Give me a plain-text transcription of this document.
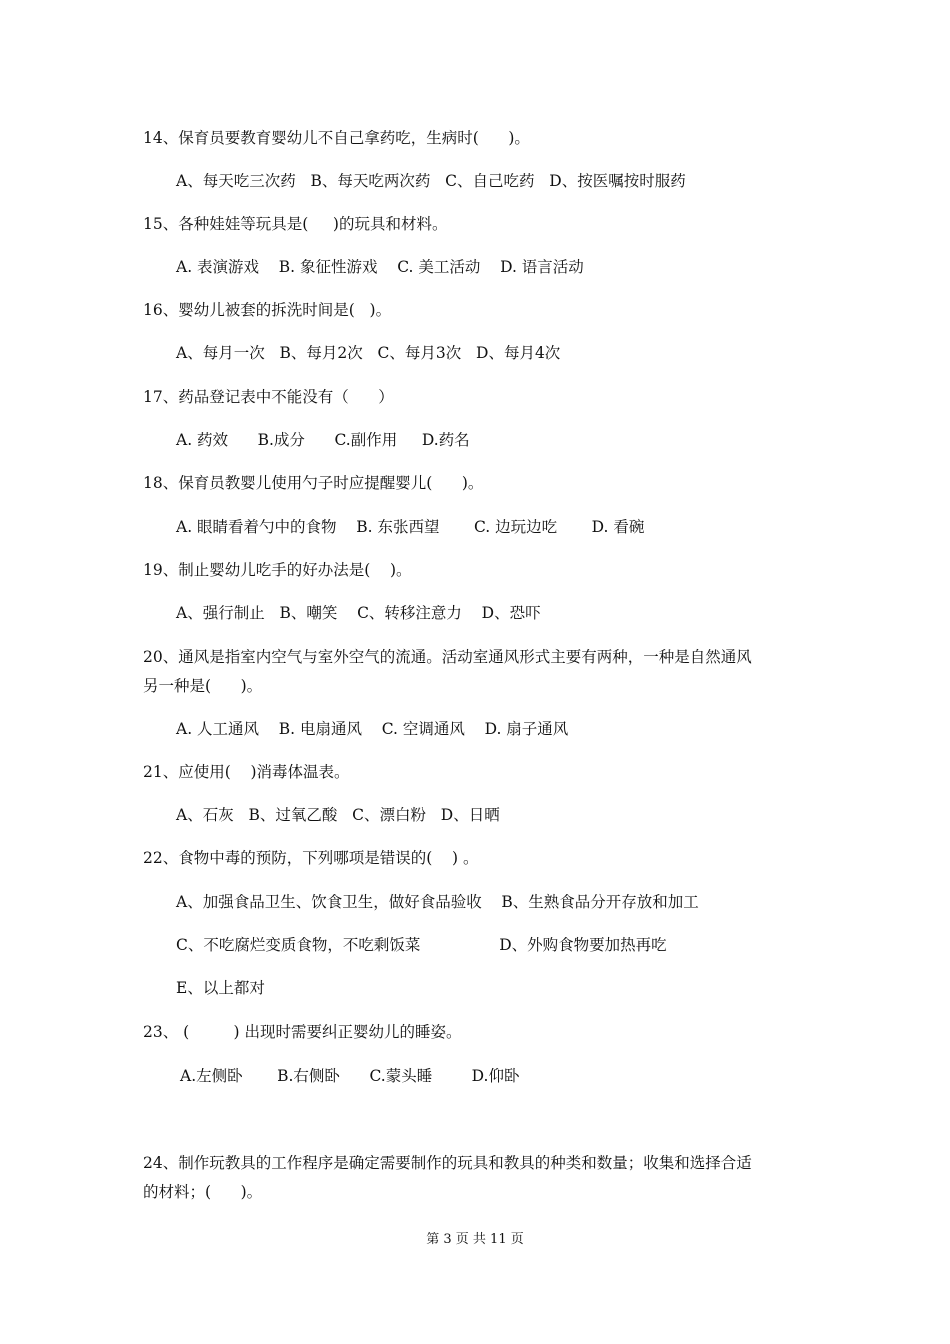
14、保育员要教育婴幼儿不自己拿药吃，生病时(      )。
A、每天吃三次药   B、每天吃两次药   C、自己吃药   D、按医嘱按时服药
15、各种娃娃等玩具是(     )的玩具和材料。
A. 表演游戏    B. 象征性游戏    C. 美工活动    D. 语言活动
16、婴幼儿被套的拆洗时间是(   )。
A、每月一次   B、每月2次   C、每月3次   D、每月4次
17、药品登记表中不能没有（      ）
A. 药效      B.成分      C.副作用     D.药名
18、保育员教婴儿使用勺子时应提醒婴儿(      )。
A. 眼睛看着勺中的食物    B. 东张西望       C. 边玩边吃       D. 看碗
19、制止婴幼儿吃手的好办法是(    )。
A、强行制止   B、嘲笑    C、转移注意力    D、恐吓
20、通风是指室内空气与室外空气的流通。活动室通风形式主要有两种，一种是自然通风
另一种是(      )。
A. 人工通风    B. 电扇通风    C. 空调通风    D. 扇子通风
21、应使用(    )消毒体温表。
A、石灰   B、过氧乙酸   C、漂白粉   D、日晒
22、食物中毒的预防，下列哪项是错误的(    ) 。
A、加强食品卫生、饮食卫生，做好食品验收    B、生熟食品分开存放和加工
C、不吃腐烂变质食物，不吃剩饭菜                D、外购食物要加热再吃
E、以上都对
23、 (         ) 出现时需要纠正婴幼儿的睡姿。
A.左侧卧       B.右侧卧      C.蒙头睡        D.仰卧
24、制作玩教具的工作程序是确定需要制作的玩具和教具的种类和数量；收集和选择合适
的材料；(      )。
第 3 页 共 11 页
